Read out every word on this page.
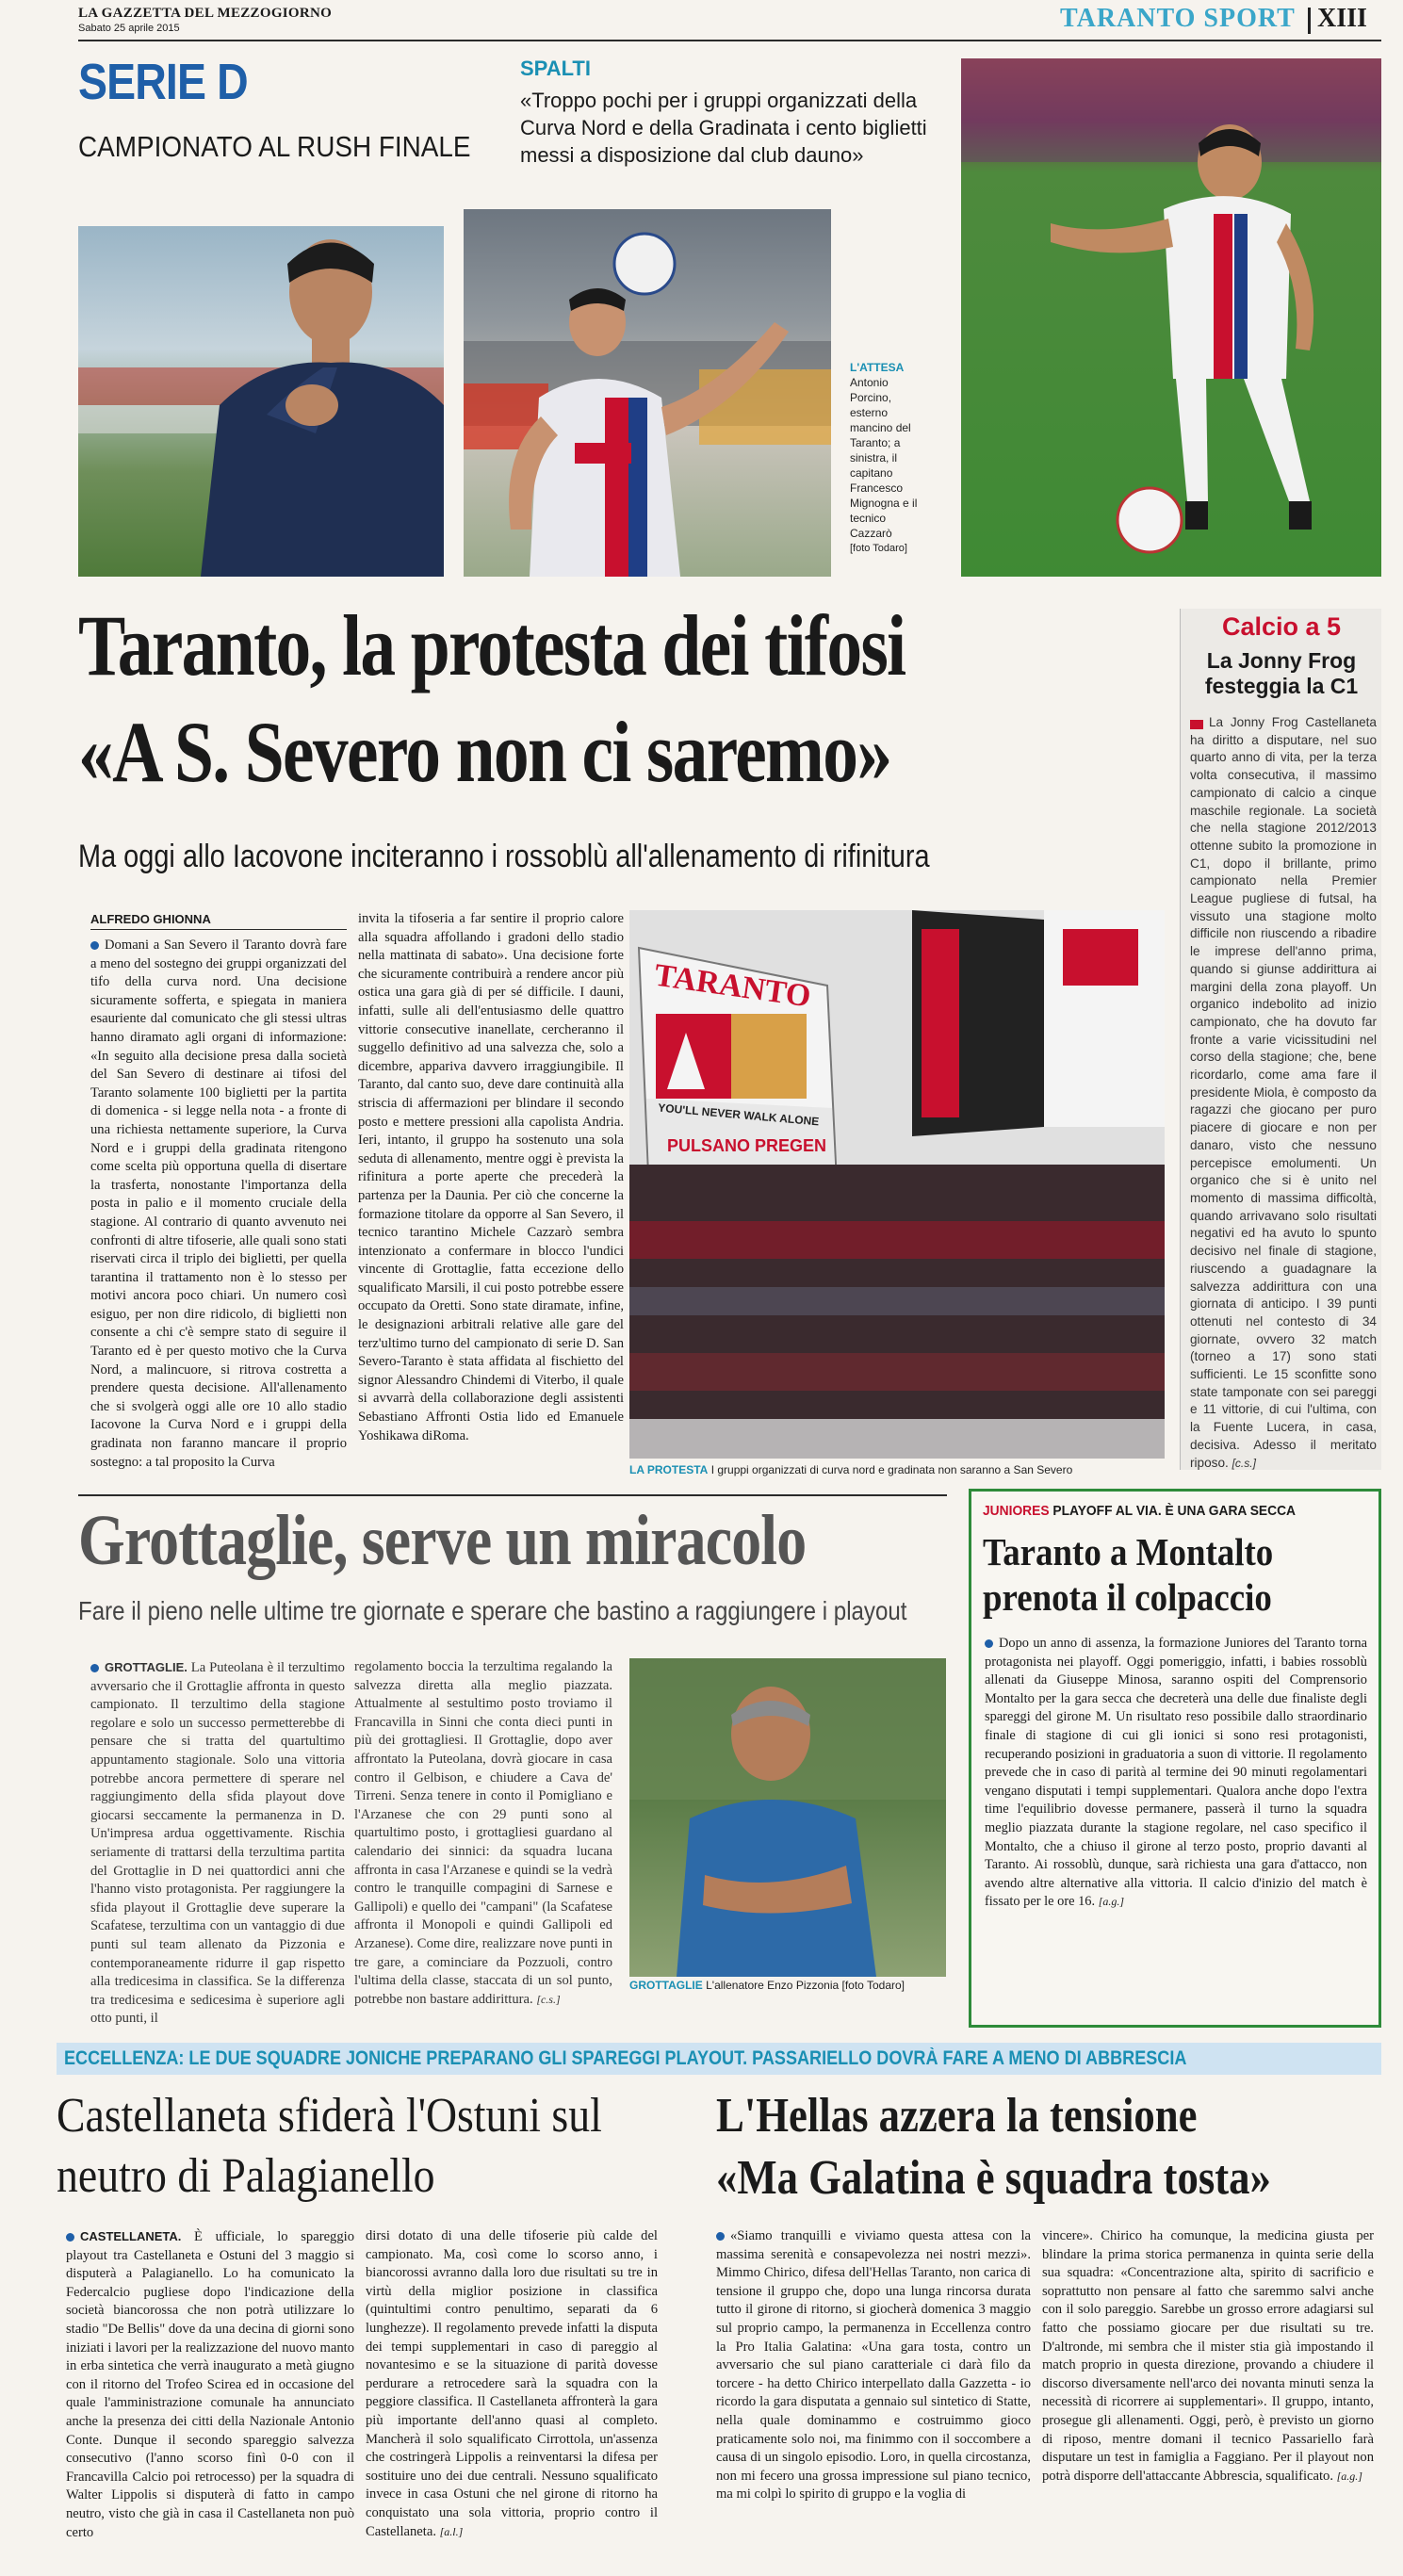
LA GAZZETTA DEL MEZZOGIORNO
Sabato 25 aprile 2015	TARANTO SPORT XIII
SERIE D
CAMPIONATO AL RUSH FINALE
SPALTI
«Troppo pochi per i gruppi organizzati della Curva Nord e della Gradinata i cento biglietti messi a disposizione dal club dauno»
L'ATTESA
Antonio
Porcino,
esterno
mancino del
Taranto; a
sinistra, il
capitano
Francesco
Mignogna e il
tecnico
Cazzarò
[foto Todaro]
Taranto, la protesta dei tifosi
«A S. Severo non ci saremo»
Ma oggi allo Iacovone inciteranno i rossoblù all'allenamento di rifinitura
ALFREDO GHIONNA
Domani a San Severo il Taranto dovrà fare a meno del sostegno dei gruppi organizzati del tifo della curva nord. Una decisione sicuramente sofferta, e spiegata in maniera esauriente dal comunicato che gli stessi ultras hanno diramato agli organi di informazione: «In seguito alla decisione presa dalla società del San Severo di destinare ai tifosi del Taranto solamente 100 biglietti per la partita di domenica - si legge nella nota - a fronte di una richiesta nettamente superiore, la Curva Nord e i gruppi della gradinata ritengono come scelta più opportuna quella di disertare la trasferta, nonostante l'importanza della posta in palio e il momento cruciale della stagione. Al contrario di quanto avvenuto nei confronti di altre tifoserie, alle quali sono stati riservati circa il triplo dei biglietti, per quella tarantina il trattamento non è lo stesso per motivi ancora poco chiari. Un numero così esiguo, per non dire ridicolo, di biglietti non consente a chi c'è sempre stato di seguire il Taranto ed è per questo motivo che la Curva Nord, a malincuore, si ritrova costretta a prendere questa decisione. All'allenamento che si svolgerà oggi alle ore 10 allo stadio Iacovone la Curva Nord e i gruppi della gradinata non faranno mancare il proprio sostegno: a tal proposito la Curva
invita la tifoseria a far sentire il proprio calore alla squadra affollando i gradoni dello stadio nella mattinata di sabato». Una decisione forte che sicuramente contribuirà a rendere ancor più ostica una gara già di per sé difficile. I dauni, infatti, sulle ali dell'entusiasmo delle quattro vittorie consecutive inanellate, cercheranno il suggello definitivo ad una salvezza che, solo a dicembre, appariva davvero irraggiungibile. Il Taranto, dal canto suo, deve dare continuità alla striscia di affermazioni per blindare il secondo posto e mettere pressioni alla capolista Andria. Ieri, intanto, il gruppo ha sostenuto una sola seduta di allenamento, mentre oggi è prevista la rifinitura a porte aperte che precederà la partenza per la Daunia. Per ciò che concerne la formazione titolare da opporre al San Severo, il tecnico tarantino Michele Cazzarò sembra intenzionato a confermare in blocco l'undici vincente di Grottaglie, fatta eccezione dello squalificato Marsili, il cui posto potrebbe essere occupato da Oretti. Sono state diramate, infine, le designazioni arbitrali relative alle gare del terz'ultimo turno del campionato di serie D. San Severo-Taranto è stata affidata al fischietto del signor Alessandro Chindemi di Viterbo, il quale si avvarrà della collaborazione degli assistenti Sebastiano Affronti Ostia lido ed Emanuele Yoshikawa diRoma.
TARANTO
YOU'LL NEVER WALK ALONE
PULSANO PREGEN
LA PROTESTA I gruppi organizzati di curva nord e gradinata non saranno a San Severo
Calcio a 5
La Jonny Frog festeggia la C1
La Jonny Frog Castellaneta ha diritto a disputare, nel suo quarto anno di vita, per la terza volta consecutiva, il massimo campionato di calcio a cinque maschile regionale. La società che nella stagione 2012/2013 ottenne subito la promozione in C1, dopo il brillante, primo campionato nella Premier League pugliese di futsal, ha vissuto una stagione molto difficile non riuscendo a ribadire le imprese dell'anno prima, quando si giunse addirittura ai margini della zona playoff. Un organico indebolito ad inizio campionato, che ha dovuto far fronte a varie vicissitudini nel corso della stagione; che, bene ricordarlo, come ama fare il presidente Miola, è composto da ragazzi che giocano per puro piacere di giocare e non per danaro, visto che nessuno percepisce emolumenti. Un organico che si è unito nel momento di massima difficoltà, quando arrivavano solo risultati negativi ed ha avuto lo spunto decisivo nel finale di stagione, riuscendo a guadagnare la salvezza addirittura con una giornata di anticipo. I 39 punti ottenuti nel contesto di 34 giornate, ovvero 32 match (torneo a 17) sono stati sufficienti. Le 15 sconfitte sono state tamponate con sei pareggi e 11 vittorie, di cui l'ultima, con la Fuente Lucera, in casa, decisiva. Adesso il meritato riposo. [c.s.]
Grottaglie, serve un miracolo
Fare il pieno nelle ultime tre giornate e sperare che bastino a raggiungere i playout
GROTTAGLIE. La Puteolana è il terzultimo avversario che il Grottaglie affronta in questo campionato. Il terzultimo della stagione regolare e solo un successo permetterebbe di pensare che si tratta del quartultimo appuntamento stagionale. Solo una vittoria potrebbe ancora permettere di sperare nel raggiungimento della sfida playout dove giocarsi seccamente la permanenza in D. Un'impresa ardua oggettivamente. Rischia seriamente di trattarsi della terzultima partita del Grottaglie in D nei quattordici anni che l'hanno visto protagonista. Per raggiungere la sfida playout il Grottaglie deve superare la Scafatese, terzultima con un vantaggio di due punti sul team allenato da Pizzonia e contemporaneamente ridurre il gap rispetto alla tredicesima in classifica. Se la differenza tra tredicesima e sedicesima è superiore agli otto punti, il
regolamento boccia la terzultima regalando la salvezza diretta alla meglio piazzata. Attualmente al sestultimo posto troviamo il Francavilla in Sinni che conta dieci punti in più dei grottagliesi. Il Grottaglie, dopo aver affrontato la Puteolana, dovrà giocare in casa contro il Gelbison, e chiudere a Cava de' Tirreni. Senza tenere in conto il Pomigliano e l'Arzanese che con 29 punti sono al quartultimo posto, i grottagliesi guardano al calendario dei sinnici: da squadra lucana affronta in casa l'Arzanese e quindi se la vedrà contro le tranquille compagini di Sarnese e Gallipoli) e quello dei "campani" (la Scafatese affronta il Monopoli e quindi Gallipoli ed Arzanese). Come dire, realizzare nove punti in tre gare, a cominciare da Pozzuoli, contro l'ultima della classe, staccata di un sol punto, potrebbe non bastare addirittura. [c.s.]
GROTTAGLIE L'allenatore Enzo Pizzonia [foto Todaro]
JUNIORES PLAYOFF AL VIA. È UNA GARA SECCA
Taranto a Montalto prenota il colpaccio
Dopo un anno di assenza, la formazione Juniores del Taranto torna protagonista nei playoff. Oggi pomeriggio, infatti, i babies rossoblù allenati da Giuseppe Minosa, saranno ospiti del Comprensorio Montalto per la gara secca che decreterà una delle due finaliste degli spareggi del girone M. Un risultato reso possibile dallo straordinario finale di stagione di cui gli ionici si sono resi protagonisti, recuperando posizioni in graduatoria a suon di vittorie. Il regolamento prevede che in caso di parità al termine dei 90 minuti regolamentari vengano disputati i tempi supplementari. Qualora anche dopo l'extra time l'equilibrio dovesse permanere, passerà il turno la squadra meglio piazzata durante la stagione regolare, nel caso specifico il Montalto, che a chiuso il girone al terzo posto, proprio davanti al Taranto. Ai rossoblù, dunque, sarà richiesta una gara d'attacco, non avendo altre alternative alla vittoria. Il calcio d'inizio del match è fissato per le ore 16. [a.g.]
ECCELLENZA: LE DUE SQUADRE JONICHE PREPARANO GLI SPAREGGI PLAYOUT. PASSARIELLO DOVRÀ FARE A MENO DI ABBRESCIA
Castellaneta sfiderà l'Ostuni sul neutro di Palagianello
CASTELLANETA. È ufficiale, lo spareggio playout tra Castellaneta e Ostuni del 3 maggio si disputerà a Palagianello. Lo ha comunicato la Federcalcio pugliese dopo l'indicazione della società biancorossa che non potrà utilizzare lo stadio "De Bellis" dove da una decina di giorni sono iniziati i lavori per la realizzazione del nuovo manto in erba sintetica che verrà inaugurato a metà giugno con il ritorno del Trofeo Scirea ed in occasione del quale l'amministrazione comunale ha annunciato anche la presenza dei citti della Nazionale Antonio Conte. Dunque il secondo spareggio salvezza consecutivo (l'anno scorso finì 0-0 con il Francavilla Calcio poi retrocesso) per la squadra di Walter Lippolis si disputerà di fatto in campo neutro, visto che già in casa il Castellaneta non può certo
dirsi dotato di una delle tifoserie più calde del campionato. Ma, così come lo scorso anno, i biancorossi avranno dalla loro due risultati su tre in virtù della miglior posizione in classifica (quintultimi contro penultimo, separati da 6 lunghezze). Il regolamento prevede infatti la disputa dei tempi supplementari in caso di pareggio al novantesimo e se la situazione di parità dovesse perdurare a retrocedere sarà la squadra con la peggiore classifica. Il Castellaneta affronterà la gara più importante dell'anno quasi al completo. Mancherà il solo squalificato Cirrottola, un'assenza che costringerà Lippolis a reinventarsi la difesa per sostituire uno dei due centrali. Nessuno squalificato invece in casa Ostuni che nel girone di ritorno ha conquistato una sola vittoria, proprio contro il Castellaneta. [a.l.]
L'Hellas azzera la tensione
«Ma Galatina è squadra tosta»
«Siamo tranquilli e viviamo questa attesa con la massima serenità e consapevolezza nei nostri mezzi». Mimmo Chirico, difesa dell'Hellas Taranto, non carica di tensione il gruppo che, dopo una lunga rincorsa durata tutto il girone di ritorno, si giocherà domenica 3 maggio sul proprio campo, la permanenza in Eccellenza contro la Pro Italia Galatina: «Una gara tosta, contro un avversario che sul piano caratteriale ci darà filo da torcere - ha detto Chirico interpellato dalla Gazzetta - io ricordo la gara disputata a gennaio sul sintetico di Statte, nella quale dominammo e costruimmo gioco praticamente solo noi, ma finimmo con il soccombere a causa di un singolo episodio. Loro, in quella circostanza, non mi fecero una grossa impressione sul piano tecnico, ma mi colpì lo spirito di gruppo e la voglia di
vincere». Chirico ha comunque, la medicina giusta per blindare la prima storica permanenza in quinta serie della sua squadra: «Concentrazione alta, spirito di sacrificio e soprattutto non pensare al fatto che saremmo salvi anche con il solo pareggio. Sarebbe un grosso errore adagiarsi sul fatto che possiamo giocare per due risultati su tre. D'altronde, mi sembra che il mister stia già impostando il match proprio in questa direzione, provando a chiudere il discorso diversamente nell'arco dei novanta minuti senza la necessità di ricorrere ai supplementari». Il gruppo, intanto, prosegue gli allenamenti. Oggi, però, è previsto un giorno di riposo, mentre domani il tecnico Passariello farà disputare un test in famiglia a Faggiano. Per il playout non potrà disporre dell'attaccante Abbrescia, squalificato. [a.g.]
